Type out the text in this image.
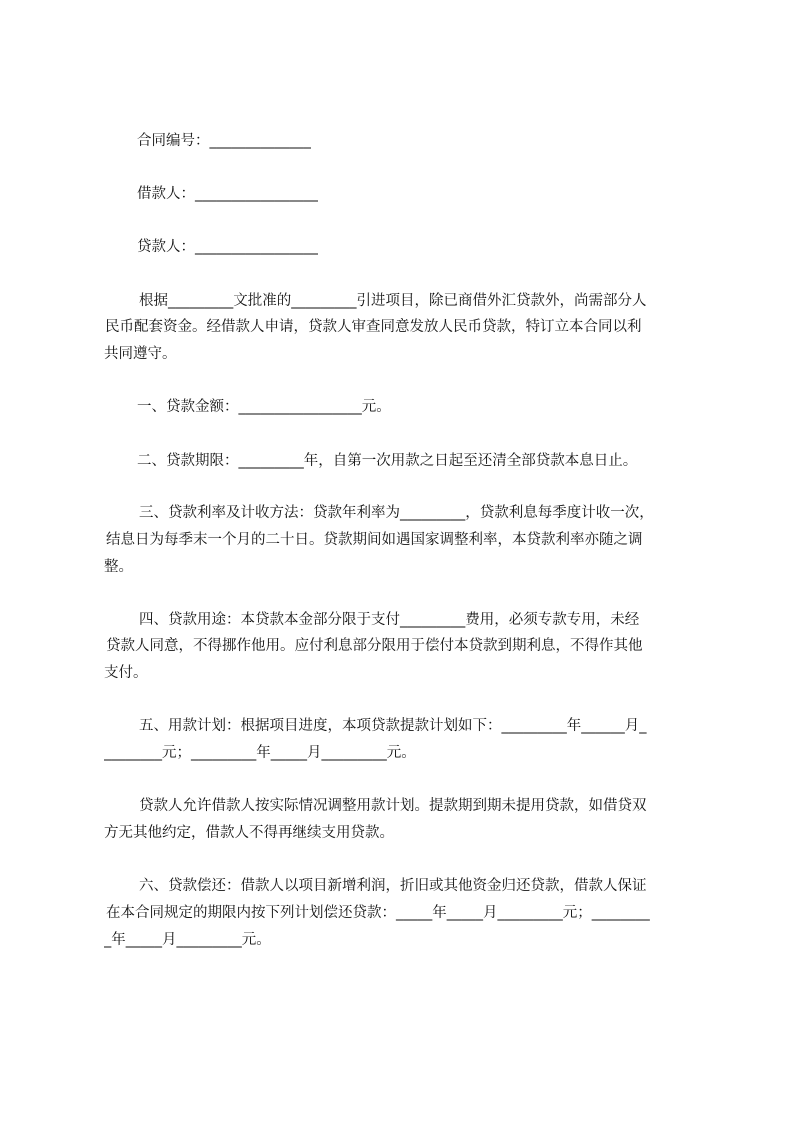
合同编号：______________
借款人：_________________
贷款人：_________________
根据_________文批准的_________引进项目，除已商借外汇贷款外，尚需部分人
民币配套资金。经借款人申请，贷款人审查同意发放人民币贷款，特订立本合同以利
共同遵守。
一、贷款金额：_________________元。
二、贷款期限：_________年，自第一次用款之日起至还清全部贷款本息日止。
三、贷款利率及计收方法：贷款年利率为_________，贷款利息每季度计收一次，
结息日为每季末一个月的二十日。贷款期间如遇国家调整利率，本贷款利率亦随之调
整。
四、贷款用途：本贷款本金部分限于支付_________费用，必须专款专用，未经
贷款人同意，不得挪作他用。应付利息部分限用于偿付本贷款到期利息，不得作其他
支付。
五、用款计划：根据项目进度，本项贷款提款计划如下：_________年______月_
________元；_________年_____月_________元。
贷款人允许借款人按实际情况调整用款计划。提款期到期未提用贷款，如借贷双
方无其他约定，借款人不得再继续支用贷款。
六、贷款偿还：借款人以项目新增利润，折旧或其他资金归还贷款，借款人保证
在本合同规定的期限内按下列计划偿还贷款：_____年_____月_________元；________
_年_____月_________元。
